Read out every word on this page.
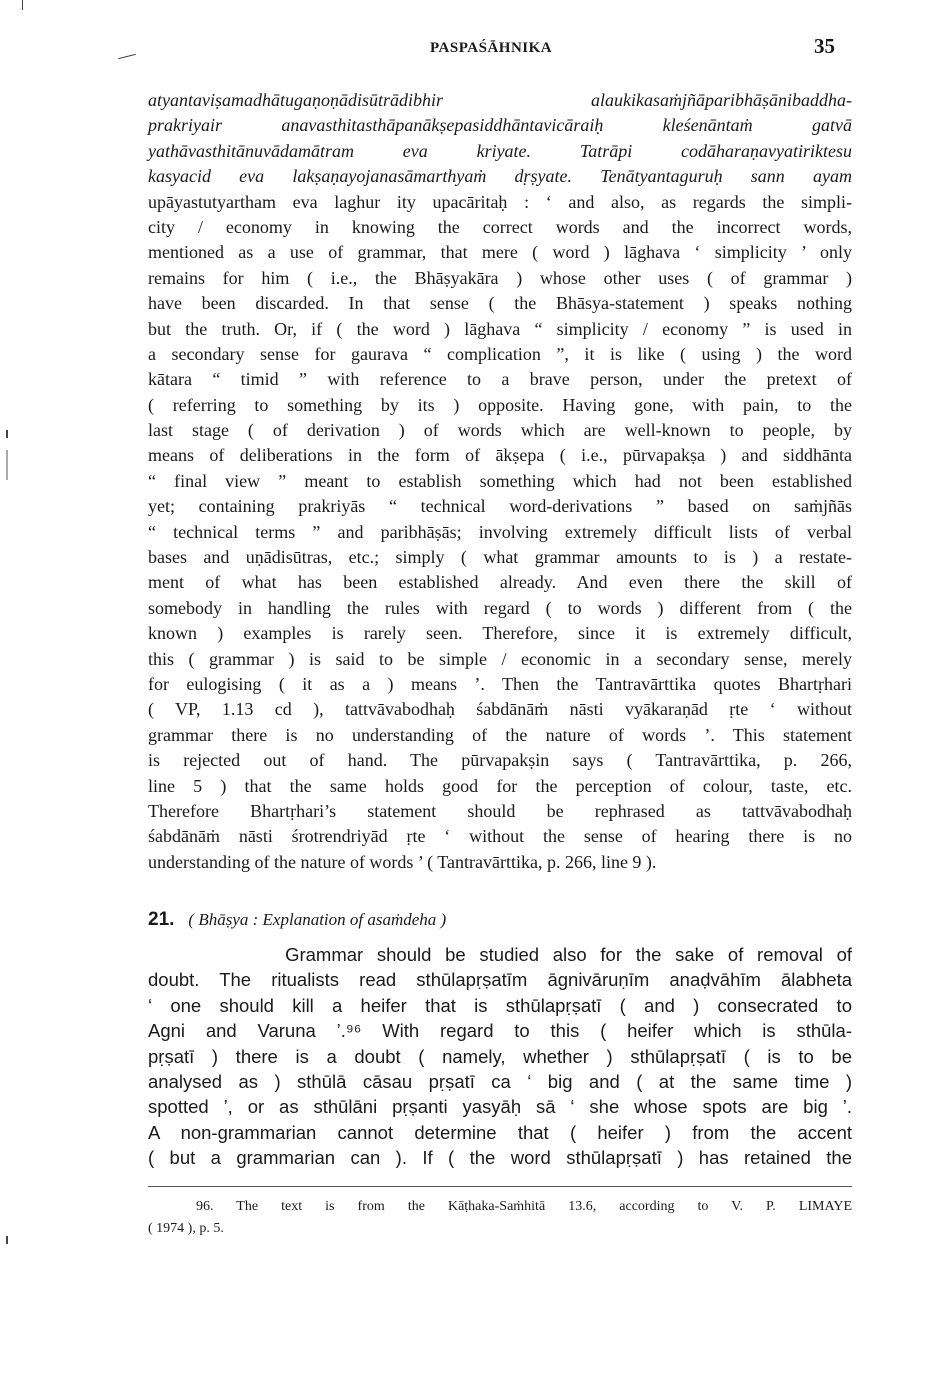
PASPAŚĀHNIKA	35
atyantaviṣamadhātugaṇoṇādisūtrādibhir alaukikasaṁjñāparibhāṣānibaddha-
prakriyair anavasthitasthāpanākṣepasiddhāntavicāraiḥ kleśenāntaṁ gatvā
yathāvasthitānuvādamātram eva kriyate. Tatrāpi codāharaṇavyatiriktesu
kasyacid eva lakṣaṇayojanasāmarthyaṁ dṛṣyate. Tenātyantaguruḥ sann ayam
upāyastutyartham eva laghur ity upacāritaḥ : ‘ and also, as regards the simpli-
city / economy in knowing the correct words and the incorrect words,
mentioned as a use of grammar, that mere ( word ) lāghava ‘ simplicity ’ only
remains for him ( i.e., the Bhāṣyakāra ) whose other uses ( of grammar )
have been discarded. In that sense ( the Bhāsya-statement ) speaks nothing
but the truth. Or, if ( the word ) lāghava “ simplicity / economy ” is used in
a secondary sense for gaurava “ complication ”, it is like ( using ) the word
kātara “ timid ” with reference to a brave person, under the pretext of
( referring to something by its ) opposite. Having gone, with pain, to the
last stage ( of derivation ) of words which are well-known to people, by
means of deliberations in the form of ākṣepa ( i.e., pūrvapakṣa ) and siddhānta
“ final view ” meant to establish something which had not been established
yet; containing prakriyās “ technical word-derivations ” based on saṁjñās
“ technical terms ” and paribhāṣās; involving extremely difficult lists of verbal
bases and uṇādisūtras, etc.; simply ( what grammar amounts to is ) a restate-
ment of what has been established already. And even there the skill of
somebody in handling the rules with regard ( to words ) different from ( the
known ) examples is rarely seen. Therefore, since it is extremely difficult,
this ( grammar ) is said to be simple / economic in a secondary sense, merely
for eulogising ( it as a ) means ’. Then the Tantravārttika quotes Bhartṛhari
( VP, 1.13 cd ), tattvāvabodhaḥ śabdānāṁ nāsti vyākaraṇād ṛte ‘ without
grammar there is no understanding of the nature of words ’. This statement
is rejected out of hand. The pūrvapakṣin says ( Tantravārttika, p. 266,
line 5 ) that the same holds good for the perception of colour, taste, etc.
Therefore Bhartṛhari’s statement should be rephrased as tattvāvabodhaḥ
śabdānāṁ nāsti śrotrendriyād ṛte ‘ without the sense of hearing there is no
understanding of the nature of words ’ ( Tantravārttika, p. 266, line 9 ).
21. ( Bhāṣya : Explanation of asaṁdeha )
Grammar should be studied also for the sake of removal of
doubt. The ritualists read sthūlapṛṣatīm āgnivāruṇīm anaḍvāhīm ālabheta
‘ one should kill a heifer that is sthūlapṛṣatī ( and ) consecrated to
Agni and Varuna ’.⁹⁶ With regard to this ( heifer which is sthūla-
pṛṣatī ) there is a doubt ( namely, whether ) sthūlapṛṣatī ( is to be
analysed as ) sthūlā cāsau pṛṣatī ca ‘ big and ( at the same time )
spotted ’, or as sthūlāni pṛṣanti yasyāḥ sā ‘ she whose spots are big ’.
A non-grammarian cannot determine that ( heifer ) from the accent
( but a grammarian can ). If ( the word sthūlapṛṣatī ) has retained the
96. The text is from the Kāṭhaka-Saṁhitā 13.6, according to V. P. LIMAYE
( 1974 ), p. 5.
